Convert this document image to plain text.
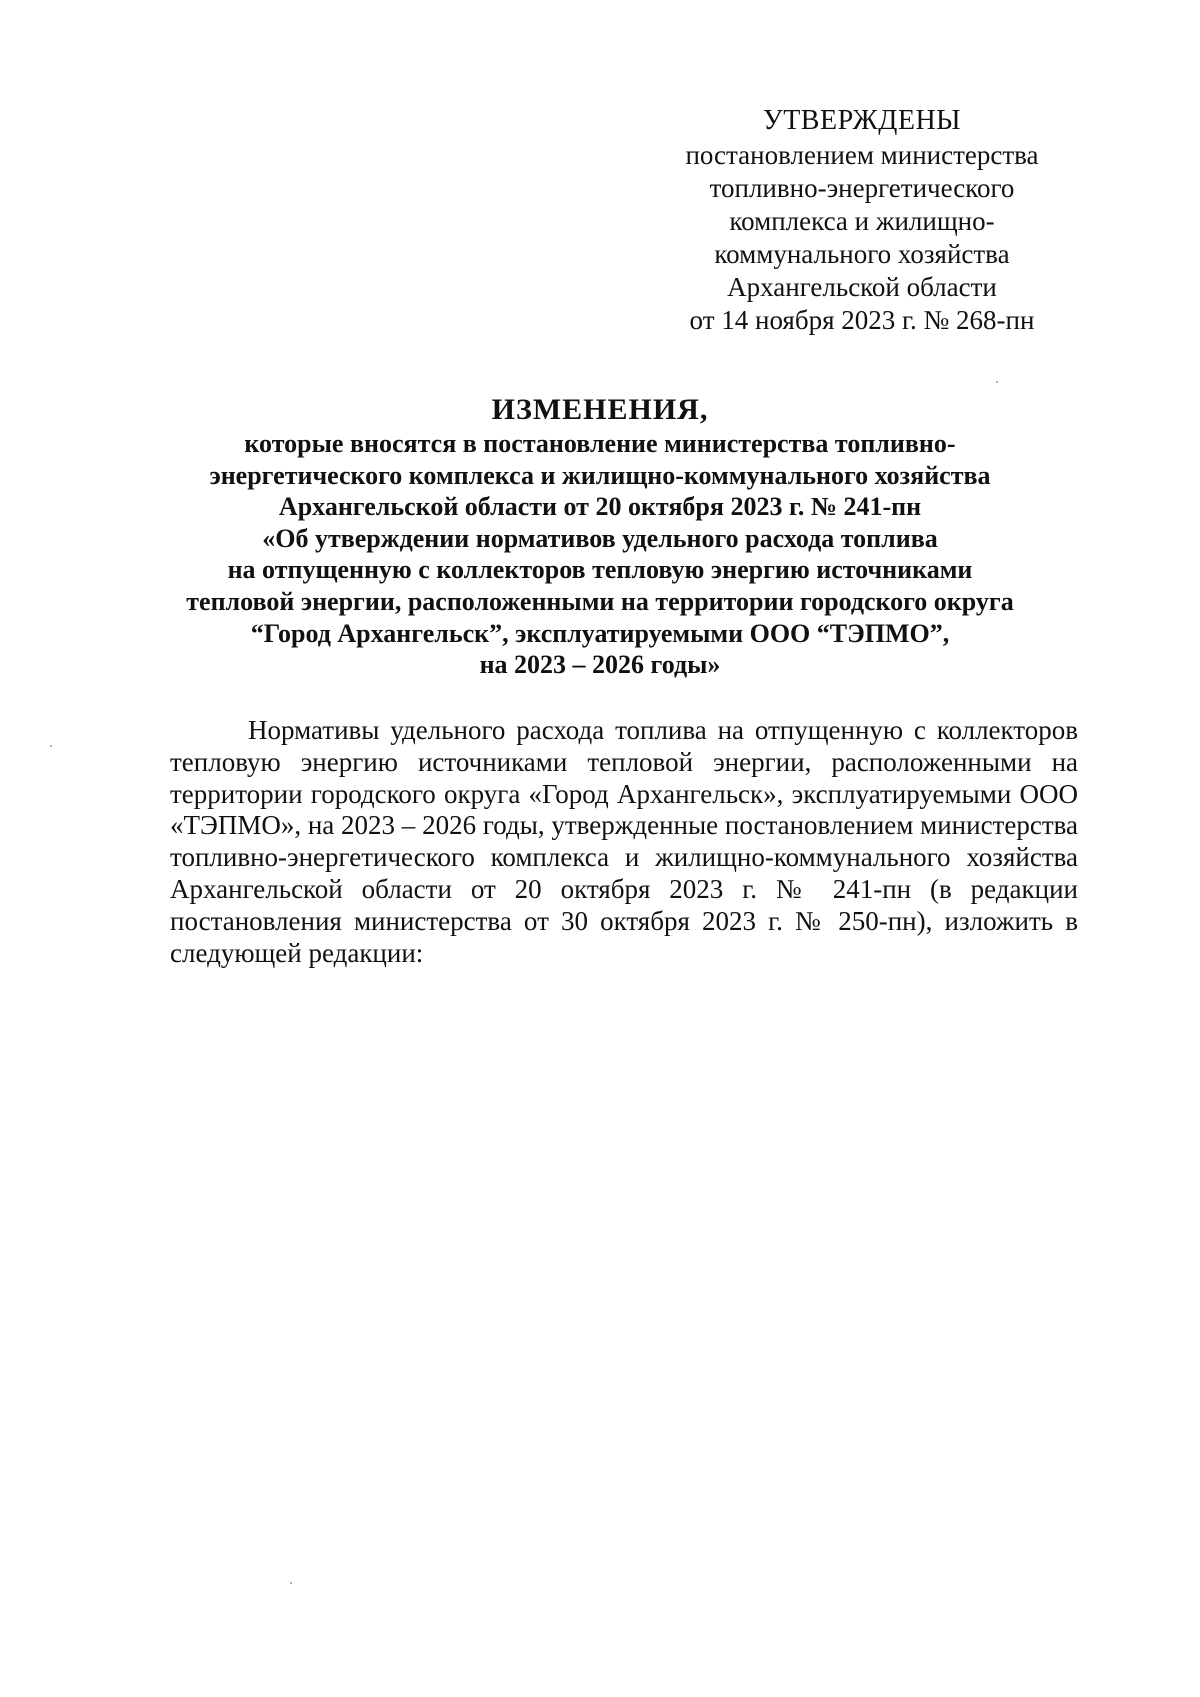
УТВЕРЖДЕНЫ
постановлением министерства
топливно-энергетического
комплекса и жилищно-
коммунального хозяйства
Архангельской области
от 14 ноября 2023 г. № 268-пн
ИЗМЕНЕНИЯ,
которые вносятся в постановление министерства топливно-
энергетического комплекса и жилищно-коммунального хозяйства
Архангельской области от 20 октября 2023 г. № 241-пн
«Об утверждении нормативов удельного расхода топлива
на отпущенную с коллекторов тепловую энергию источниками
тепловой энергии, расположенными на территории городского округа
“Город Архангельск”, эксплуатируемыми ООО “ТЭПМО”,
на 2023 – 2026 годы»

Нормативы удельного расхода топлива на отпущенную с коллекторов тепловую энергию источниками тепловой энергии, расположенными на территории городского округа «Город Архангельск», эксплуатируемыми ООО «ТЭПМО», на 2023 – 2026 годы, утвержденные постановлением министерства топливно-энергетического комплекса и жилищно-коммунального хозяйства Архангельской области от 20 октября 2023 г. № 241-пн (в редакции постановления министерства от 30 октября 2023 г. № 250-пн), изложить в следующей редакции:
